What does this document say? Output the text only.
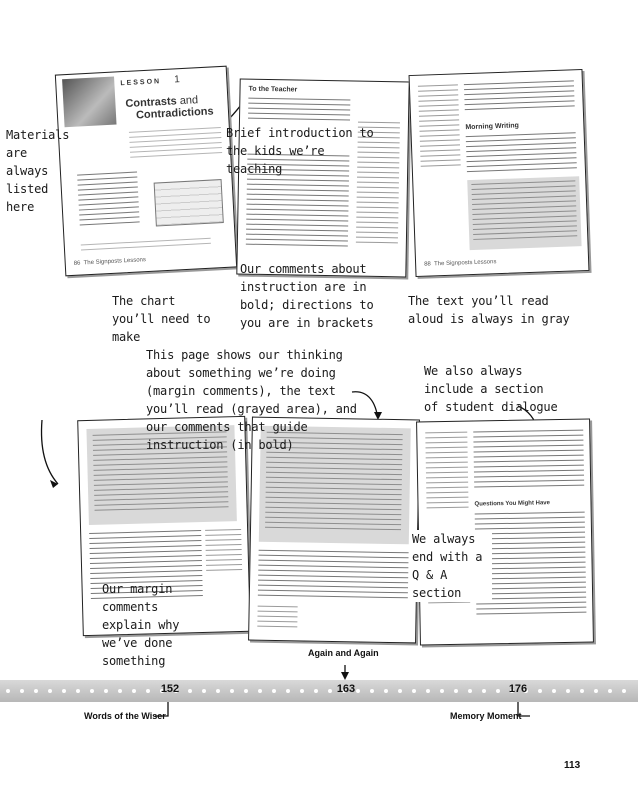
LESSON 1
Contrasts and
Contradictions
86 The Signposts Lessons
To the Teacher
Morning Writing
88 The Signposts Lessons
Questions You Might Have
Materials are always listed here
Brief introduction to the kids we’re teaching
Our comments about instruction are in bold; directions to you are in brackets
The chart you’ll need to make
The text you’ll read aloud is always in gray
This page shows our thinking about something we’re doing (margin comments), the text you’ll read (grayed area), and our comments that guide instruction (in bold)
We also always include a section of student dialogue
Our margin comments explain why we’ve done something
We always end with a Q & A section
Again and Again
152	163	176
Words of the Wiser	Memory Moment
113
